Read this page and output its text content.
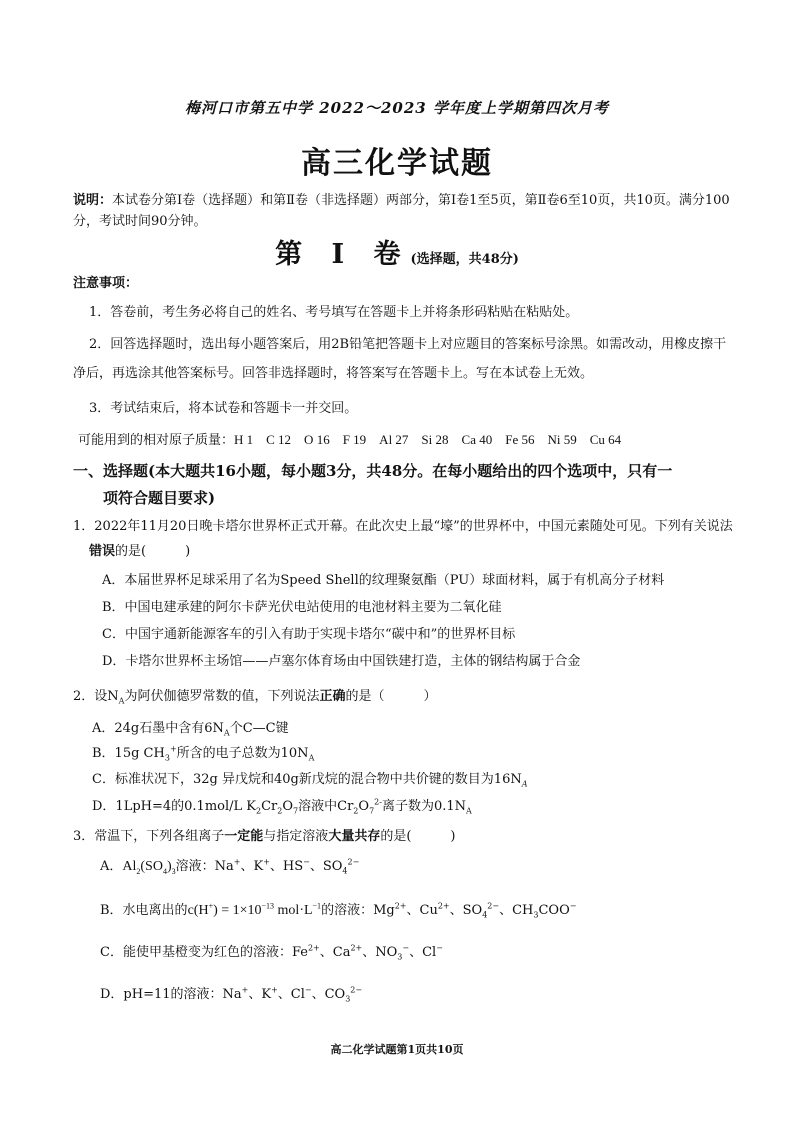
梅河口市第五中学 2022～2023 学年度上学期第四次月考
高三化学试题
说明：本试卷分第Ⅰ卷（选择题）和第Ⅱ卷（非选择题）两部分，第Ⅰ卷1至5页，第Ⅱ卷6至10页，共10页。满分100分，考试时间90分钟。
第 Ⅰ 卷(选择题，共48分)
注意事项：
1．答卷前，考生务必将自己的姓名、考号填写在答题卡上并将条形码粘贴在粘贴处。
2．回答选择题时，选出每小题答案后，用2B铅笔把答题卡上对应题目的答案标号涂黑。如需改动，用橡皮擦干净后，再选涂其他答案标号。回答非选择题时，将答案写在答题卡上。写在本试卷上无效。
3．考试结束后，将本试卷和答题卡一并交回。
可能用到的相对原子质量：H 1　C 12　O 16　F 19　Al 27　Si 28　Ca 40　Fe 56　Ni 59　Cu 64
一、选择题(本大题共16小题，每小题3分，共48分。在每小题给出的四个选项中，只有一
项符合题目要求)
1．2022年11月20日晚卡塔尔世界杯正式开幕。在此次史上最“壕”的世界杯中，中国元素随处可见。下列有关说法错误的是(　　　)
A．本届世界杯足球采用了名为Speed Shell的纹理聚氨酯（PU）球面材料，属于有机高分子材料
B．中国电建承建的阿尔卡萨光伏电站使用的电池材料主要为二氧化硅
C．中国宇通新能源客车的引入有助于实现卡塔尔“碳中和”的世界杯目标
D．卡塔尔世界杯主场馆——卢塞尔体育场由中国铁建打造，主体的钢结构属于合金
2．设$N_A$为阿伏伽德罗常数的值，下列说法正确的是（　　　）
A．24g石墨中含有$6N_A$个C—C键
B．15g $CH_3^+$所含的电子总数为$10N_A$
C．标准状况下，32g 异戊烷和40g新戊烷的混合物中共价键的数目为$16N_A$
D．1LpH=4的0.1mol/L $K_2Cr_2O_7$溶液中$Cr_2O_7^{2-}$离子数为$0.1N_A$
3．常温下，下列各组离子一定能与指定溶液大量共存的是(　　　)
A．$Al_2(SO_4)_3$溶液：Na+、K+、HS−、$SO_4^{2-}$
B．水电离出的$c(H^+) = 1\times 10^{-13}$ $mol\cdot L^{-1}$的溶液：$Mg^{2+}$、$Cu^{2+}$、$SO_4^{2-}$、$CH_3COO^-$
C．能使甲基橙变为红色的溶液：$Fe^{2+}$、$Ca^{2+}$、$NO_3^-$、Cl−
D．pH=11的溶液：Na+、K+、Cl−、$CO_3^{2-}$
高二化学试题第1页共10页
